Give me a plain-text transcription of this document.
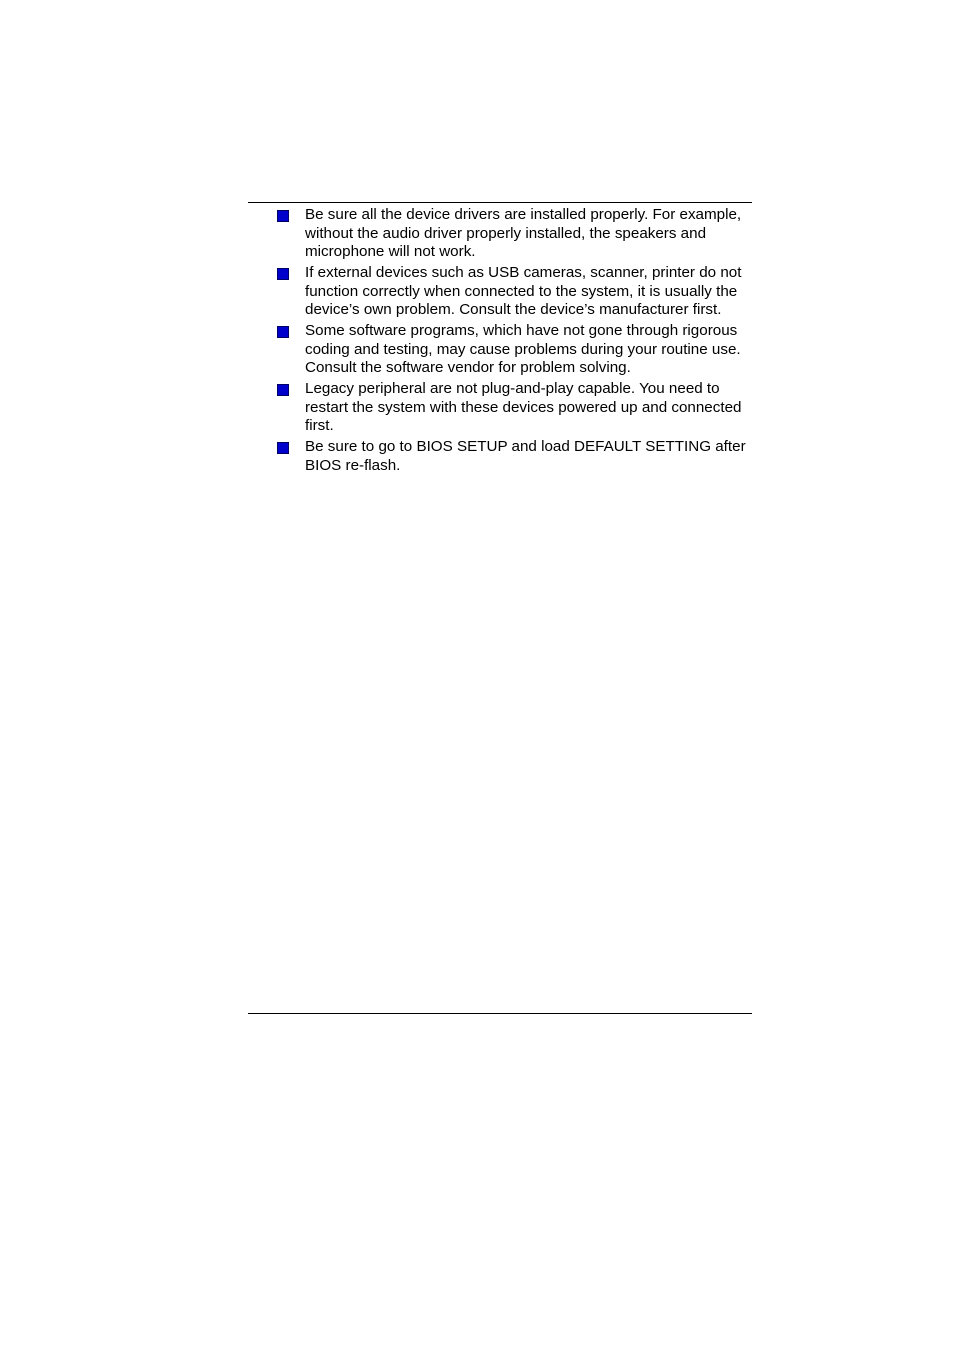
Be sure all the device drivers are installed properly. For example, without the audio driver properly installed, the speakers and microphone will not work.
If external devices such as USB cameras, scanner, printer do not function correctly when connected to the system, it is usually the device’s own problem. Consult the device’s manufacturer first.
Some software programs, which have not gone through rigorous coding and testing, may cause problems during your routine use. Consult the software vendor for problem solving.
Legacy peripheral are not plug-and-play capable. You need to restart the system with these devices powered up and connected first.
Be sure to go to BIOS SETUP and load DEFAULT SETTING after BIOS re-flash.
